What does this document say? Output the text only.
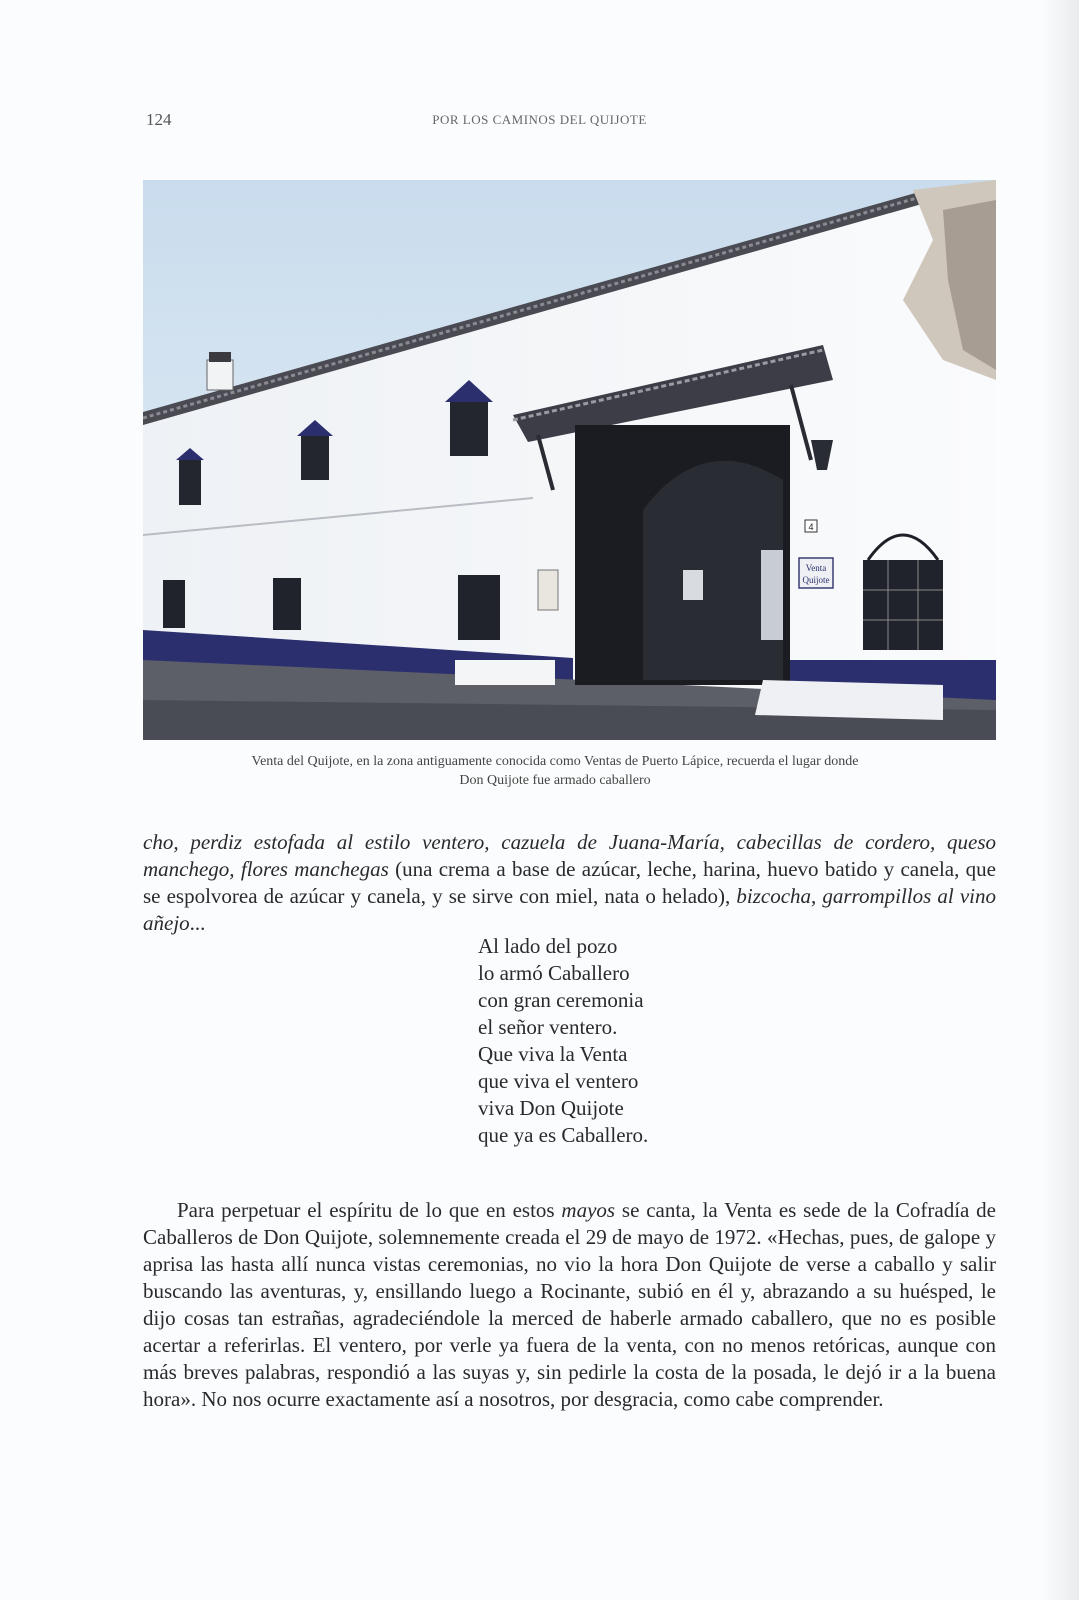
124	POR LOS CAMINOS DEL QUIJOTE
Venta
Quijote
4
Venta del Quijote, en la zona antiguamente conocida como Ventas de Puerto Lápice, recuerda el lugar donde
Don Quijote fue armado caballero
cho, perdiz estofada al estilo ventero, cazuela de Juana-María, cabecillas de cordero, queso manchego, flores manchegas (una crema a base de azúcar, leche, harina, huevo batido y canela, que se espolvorea de azúcar y canela, y se sirve con miel, nata o helado), bizcocha, garrompillos al vino añejo...
Al lado del pozo
lo armó Caballero
con gran ceremonia
el señor ventero.
Que viva la Venta
que viva el ventero
viva Don Quijote
que ya es Caballero.
Para perpetuar el espíritu de lo que en estos mayos se canta, la Venta es sede de la Cofradía de Caballeros de Don Quijote, solemnemente creada el 29 de mayo de 1972. «Hechas, pues, de galope y aprisa las hasta allí nunca vistas ceremonias, no vio la hora Don Quijote de verse a caballo y salir buscando las aventuras, y, ensillando luego a Rocinante, subió en él y, abrazando a su huésped, le dijo cosas tan estrañas, agradeciéndole la merced de haberle armado caballero, que no es posible acertar a referirlas. El ventero, por verle ya fuera de la venta, con no menos retóricas, aunque con más breves palabras, respondió a las suyas y, sin pedirle la costa de la posada, le dejó ir a la buena hora». No nos ocurre exactamente así a nosotros, por desgracia, como cabe comprender.
